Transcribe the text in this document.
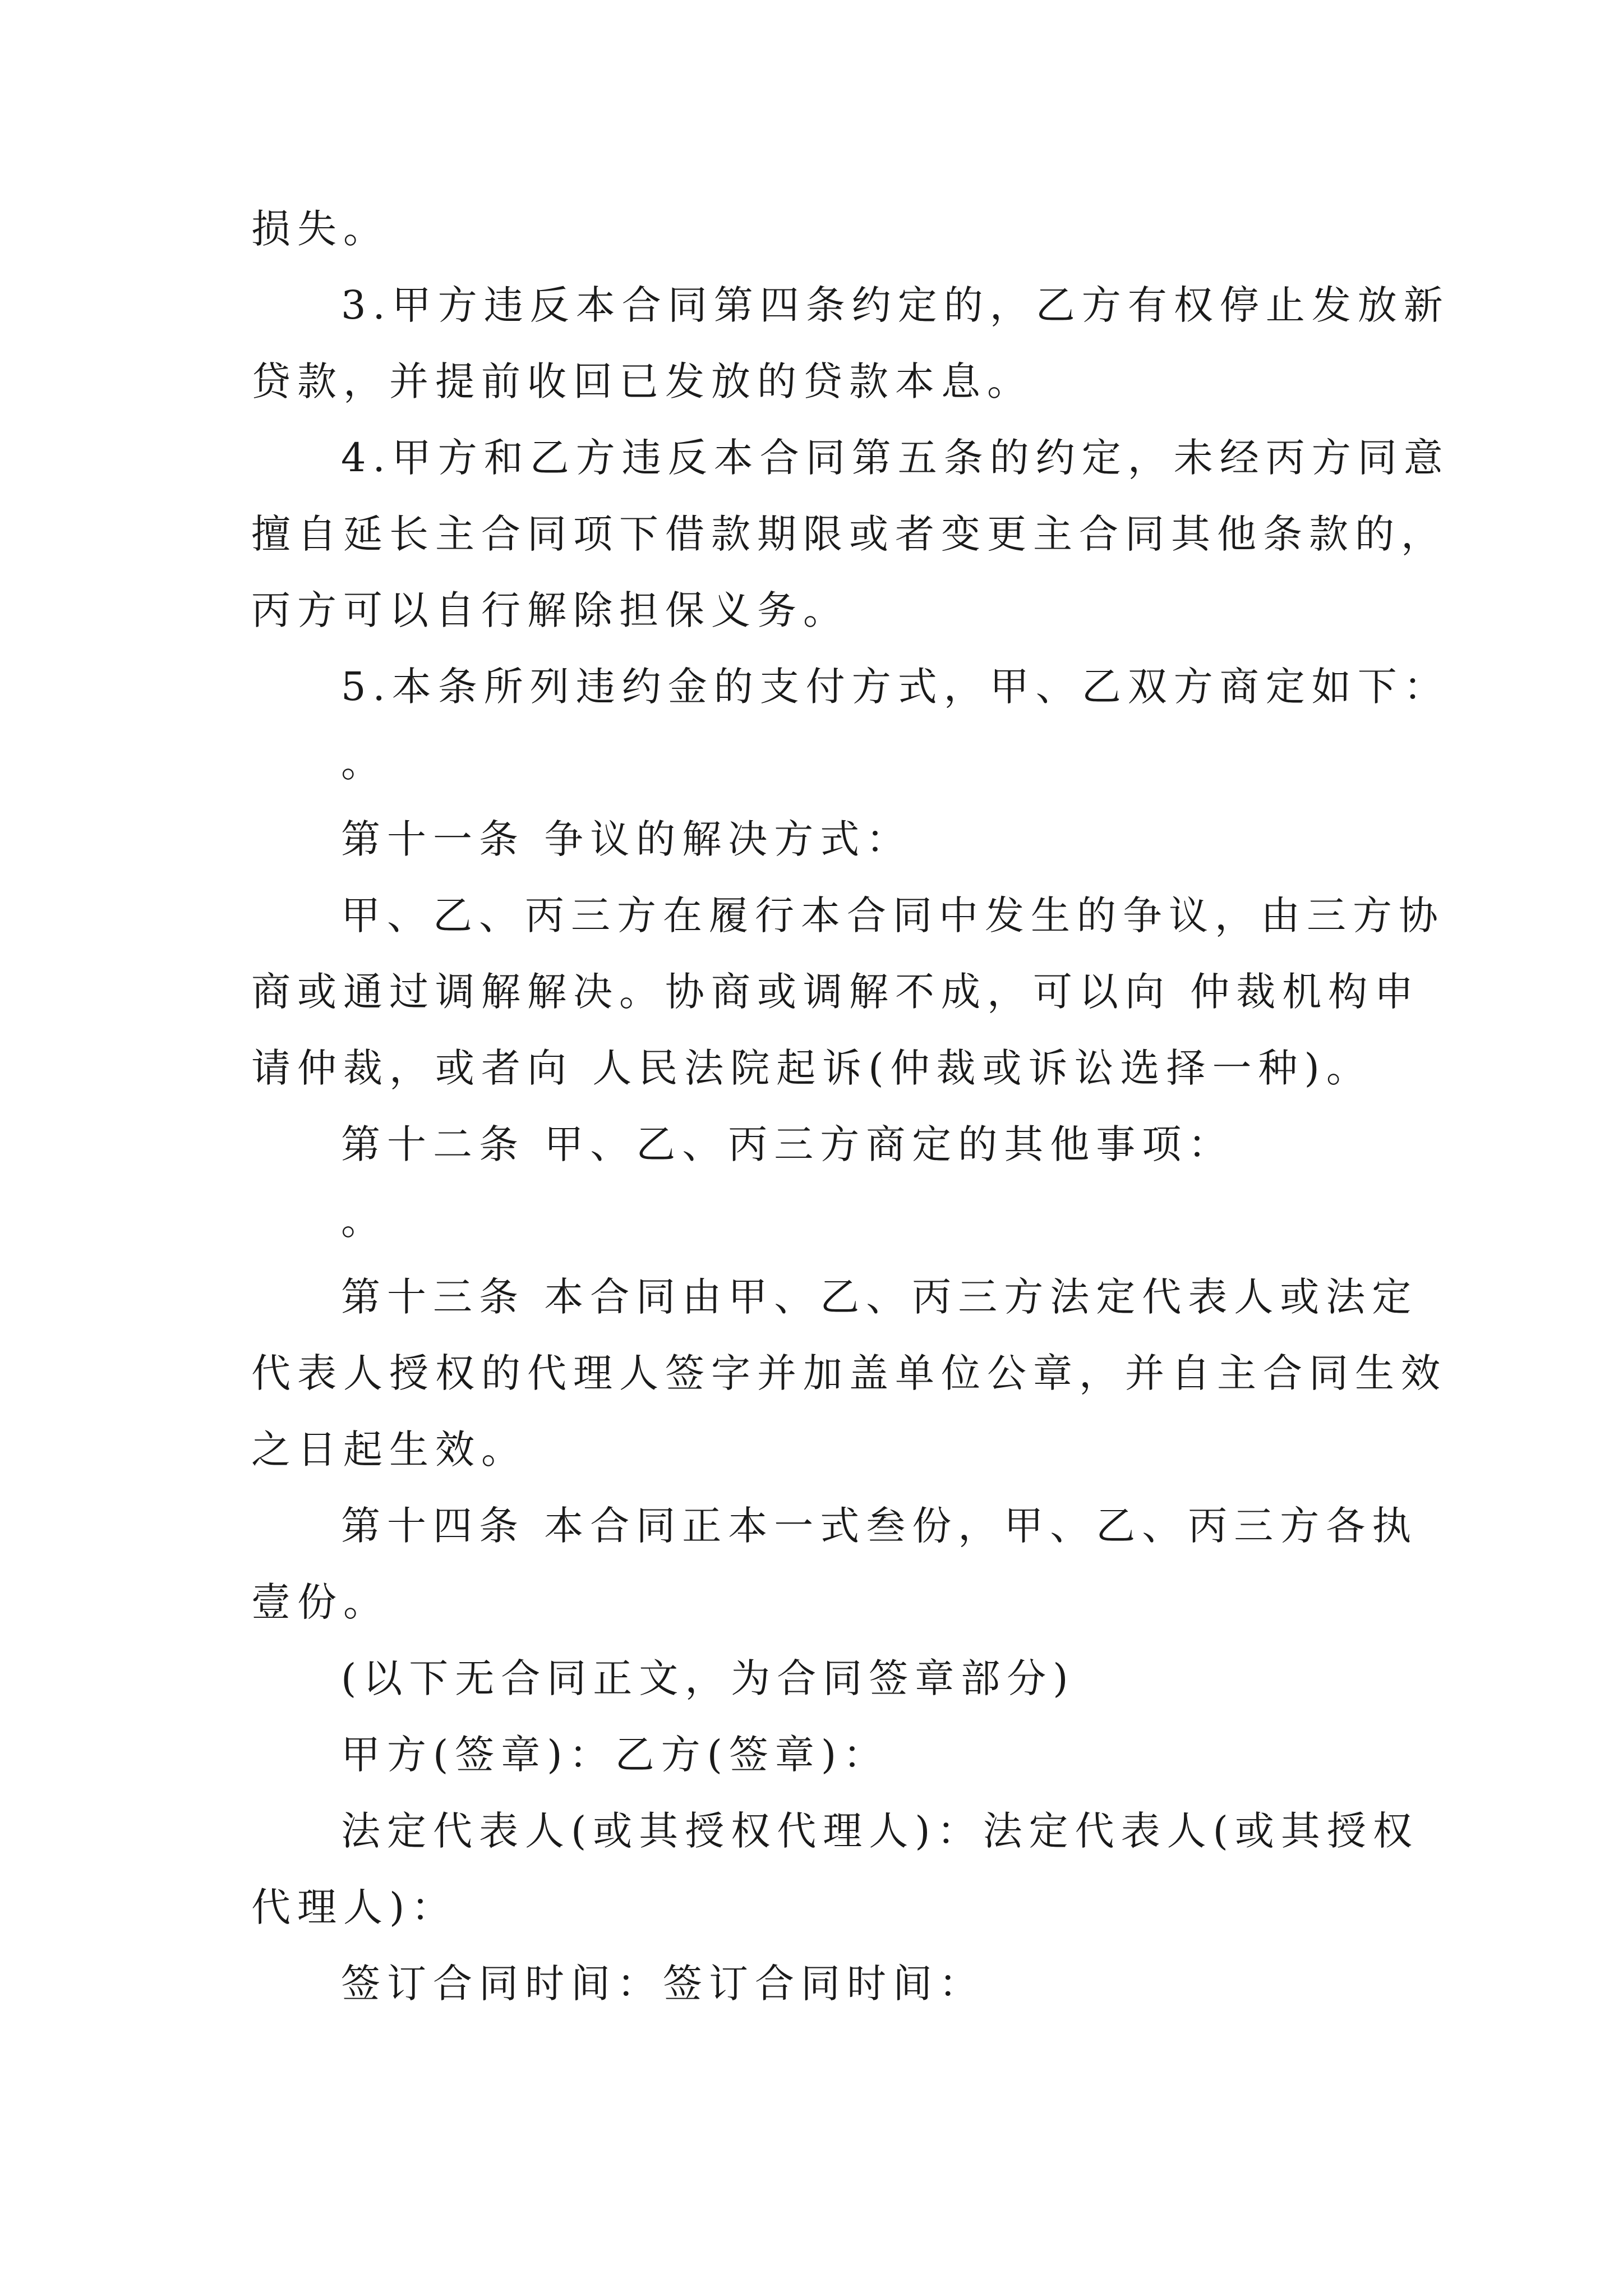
损失。
3.甲方违反本合同第四条约定的，乙方有权停止发放新
贷款，并提前收回已发放的贷款本息。
4.甲方和乙方违反本合同第五条的约定，未经丙方同意
擅自延长主合同项下借款期限或者变更主合同其他条款的，
丙方可以自行解除担保义务。
5.本条所列违约金的支付方式，甲、乙双方商定如下：
。
第十一条 争议的解决方式：
甲、乙、丙三方在履行本合同中发生的争议，由三方协
商或通过调解解决。协商或调解不成，可以向 仲裁机构申
请仲裁，或者向 人民法院起诉(仲裁或诉讼选择一种)。
第十二条 甲、乙、丙三方商定的其他事项：
。
第十三条 本合同由甲、乙、丙三方法定代表人或法定
代表人授权的代理人签字并加盖单位公章，并自主合同生效
之日起生效。
第十四条 本合同正本一式叁份，甲、乙、丙三方各执
壹份。
(以下无合同正文，为合同签章部分)
甲方(签章)：乙方(签章)：
法定代表人(或其授权代理人)：法定代表人(或其授权
代理人)：
签订合同时间：签订合同时间：
